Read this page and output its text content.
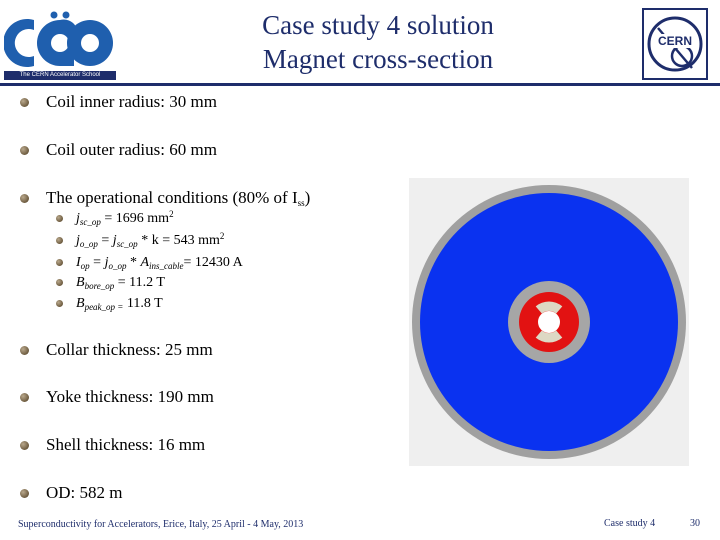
The CERN Accelerator School
Case study 4 solution
Magnet cross-section
CERN
Coil inner radius: 30 mm
Coil outer radius: 60 mm
The operational conditions (80% of $I_{ss}$)
$j_{sc\_op} = 1696$ $mm^2$
$j_{o\_op} = j_{sc\_op} * k = 543$ $mm^2$
$I_{op} = j_{o\_op} * A_{ins\_cable}= 12430$ A
$B_{bore\_op} = 11.2$ T
$B_{peak\_op =}$ 11.8 T
Collar thickness: 25 mm
Yoke thickness: 190 mm
Shell thickness: 16 mm
OD: 582 m
Superconductivity for Accelerators, Erice, Italy, 25 April - 4 May, 2013	Case study 4	30
